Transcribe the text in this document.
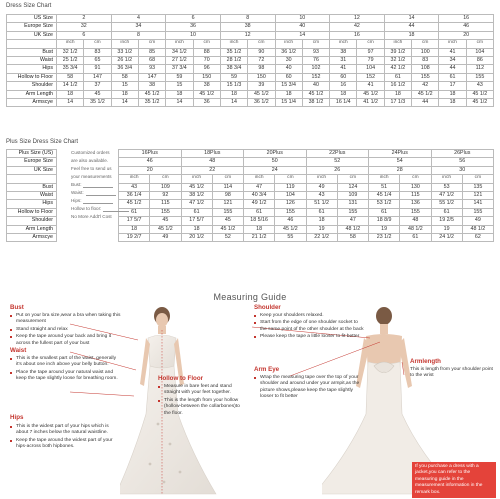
Dress Size Chart
US Size	2		4		6		8		10		12		14		16	
Europe Size	32		34		36		38		40		42		44		46	
UK Size	6		8		10		12		14		16		18		20	
	inch	cm	inch	cm	inch	cm	inch	cm	inch	cm	inch	cm	inch	cm	inch	cm
Bust	32 1/2	83	33 1/2	85	34 1/2	88	35 1/2	90	36 1/2	93	38	97	39 1/2	100	41	104
Waist	25 1/2	65	26 1/2	68	27 1/2	70	28 1/2	72	30	76	31	79	32 1/2	83	34	86
Hips	35 3/4	91	36 3/4	93	37 3/4	96	38 3/4	98	40	102	41	104	42 1/2	108	44	112
Hollow to Floor	58	147	58	147	59	150	59	150	60	152	60	152	61	155	61	155
Shoulder	14 1/2	37	15	38	15	38	15 1/3	39	15 3/4	40	16	41	16 1/2	42	17	43
Arm Length	18	45	18	45 1/2	18	45 1/2	18	45 1/2	18	45 1/2	18	45 1/2	18	45 1/2	18	45 1/2
Armscye	14	35 1/2	14	35 1/2	14	36	14	36 1/2	15 1/4	38 1/2	16 1/4	41 1/2	17 1/3	44	18	45 1/2
Plus Size Dress Size Chart
Plus Size (US)		16Plus		18Plus		20Plus		22Plus		24Plus		26Plus	
Europe Size		46		48		50		52		54		56	
UK Size		20		22		24		26		28		30	
		inch	cm	inch	cm	inch	cm	inch	cm	inch	cm	inch	cm
Bust		43	109	45 1/2	114	47	119	49	124	51	130	53	135
Waist		36 1/4	92	38 1/2	98	40 3/4	104	43	109	45 1/4	115	47 1/2	121
Hips		45 1/2	115	47 1/2	121	49 1/2	126	51 1/2	131	53 1/2	136	55 1/2	141
Hollow to Floor		61	155	61	155	61	155	61	155	61	155	61	155
Shoulder		17 5/7	45	17 5/7	45	18 5/16	46	18	47	18 8/9	48	19 2/5	49
Arm Length		18	45 1/2	18	45 1/2	18	45 1/2	19	48 1/2	19	48 1/2	19	48 1/2
Armscye		19 2/7	49	20 1/2	52	21 1/2	55	22 1/2	58	23 1/2	61	24 1/2	62
Customized orders
are also available.
Feel free to send us
your measurements
Bust:
Waist:
Hips:
Hollow to floor:
No More Addt'l Cost
Measuring Guide
Bust
Put on your bra size,wear a bra when taking this measurement
Stand straight and relax
Keep the tape around your back and bring it across the fullest part of your bust
Waist
This is the smallest part of the waist, generally it's about one inch above your belly button.
Place the tape around your natural waist and keep the tape slightly loose for breathing room.
Hips
This is the widest part of your hips which is about 7 inches below the natural waistline.
Keep the tape around the widest part of your hips-across both hipbones.
Hollow to Floor
Measure in bare feet and stand straight with your feet together.
This is the length from your hollow (hollow-between the collarbones)to the floor.
Shoulder
Keep your shoulders relaxed.
Start from the edge of one shoulder socket to the same point of the other shoulder at the back
Please keep the tape a little looser to fit better
Armlength
This is length from your shoulder point to the wrist
Arm Eye
Wrap the measuring tape over the top of your shoulder and around under your armpit,as the picture shows,please keep the tape slightly looser to fit better
If you purchase a dress with a jacket,you can refer to the measuring guide in the measurement information in the remark box.
